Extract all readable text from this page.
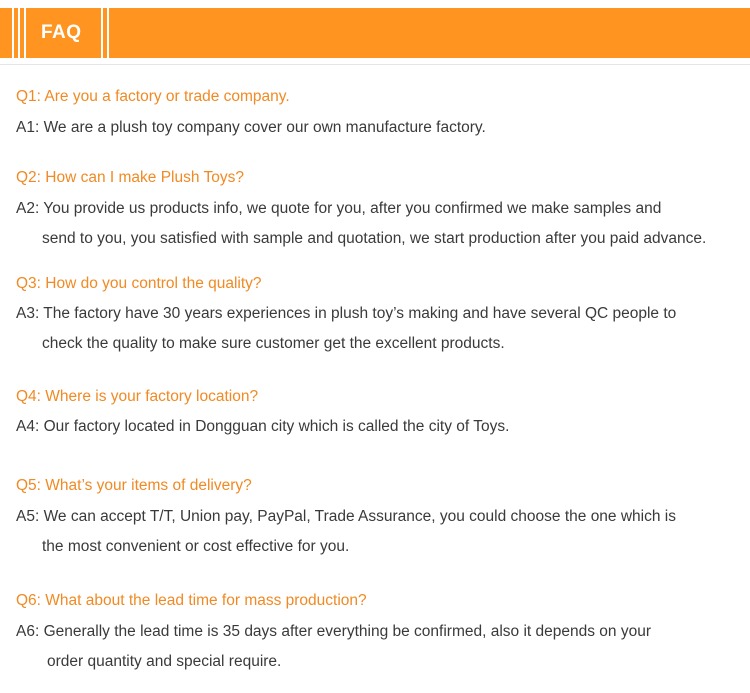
FAQ

Q1: Are you a factory or trade company.

A1: We are a plush toy company cover our own manufacture factory.

Q2: How can I make Plush Toys?

A2: You provide us products info, we quote for you, after you confirmed we make samples and
send to you, you satisfied with sample and quotation, we start production after you paid advance.

Q3: How do you control the quality?

A3: The factory have 30 years experiences in plush toy’s making and have several QC people to
check the quality to make sure customer get the excellent products.

Q4: Where is your factory location?

A4: Our factory located in Dongguan city which is called the city of Toys.

Q5: What’s your items of delivery?

A5: We can accept T/T, Union pay, PayPal, Trade Assurance, you could choose the one which is
the most convenient or cost effective for you.

Q6: What about the lead time for mass production?

A6: Generally the lead time is 35 days after everything be confirmed, also it depends on your
order quantity and special require.
